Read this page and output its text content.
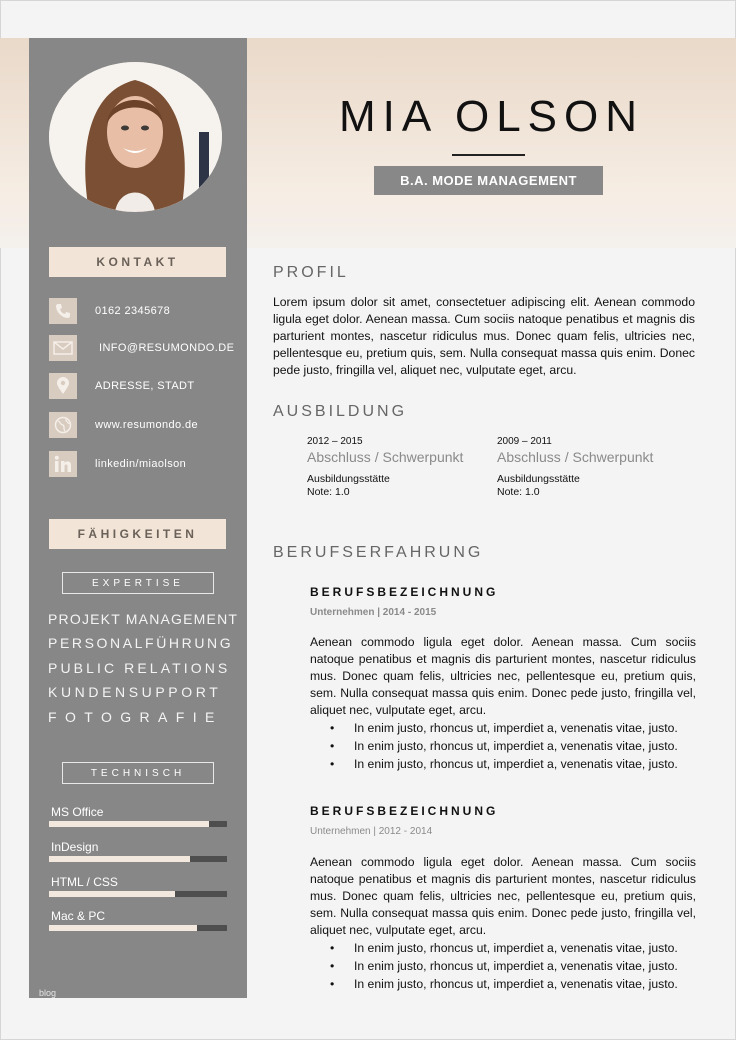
KONTAKT
0162 2345678
INFO@RESUMONDO.DE
ADRESSE, STADT
www.resumondo.de
linkedin/miaolson
FÄHIGKEITEN
EXPERTISE
PROJEKT MANAGEMENT
PERSONALFÜHRUNG
PUBLIC RELATIONS
KUNDENSUPPORT
FOTOGRAFIE
TECHNISCH
MS Office
InDesign
HTML / CSS
Mac & PC
blog
MIA OLSON
B.A. MODE MANAGEMENT
PROFIL
Lorem ipsum dolor sit amet, consectetuer adipiscing elit. Aenean commodo ligula eget dolor. Aenean massa. Cum sociis natoque penatibus et magnis dis parturient montes, nascetur ridiculus mus. Donec quam felis, ultricies nec, pellentesque eu, pretium quis, sem. Nulla consequat massa quis enim. Donec pede justo, fringilla vel, aliquet nec, vulputate eget, arcu.
AUSBILDUNG
2012 – 2015
Abschluss / Schwerpunkt
Ausbildungsstätte
Note: 1.0
2009 – 2011
Abschluss / Schwerpunkt
Ausbildungsstätte
Note: 1.0
BERUFSERFAHRUNG
BERUFSBEZEICHNUNG
Unternehmen | 2014 - 2015
Aenean commodo ligula eget dolor. Aenean massa. Cum sociis natoque penatibus et magnis dis parturient montes, nascetur ridiculus mus. Donec quam felis, ultricies nec, pellentesque eu, pretium quis, sem. Nulla consequat massa quis enim. Donec pede justo, fringilla vel, aliquet nec, vulputate eget, arcu.
• In enim justo, rhoncus ut, imperdiet a, venenatis vitae, justo.
• In enim justo, rhoncus ut, imperdiet a, venenatis vitae, justo.
• In enim justo, rhoncus ut, imperdiet a, venenatis vitae, justo.
BERUFSBEZEICHNUNG
Unternehmen | 2012 - 2014
Aenean commodo ligula eget dolor. Aenean massa. Cum sociis natoque penatibus et magnis dis parturient montes, nascetur ridiculus mus. Donec quam felis, ultricies nec, pellentesque eu, pretium quis, sem. Nulla consequat massa quis enim. Donec pede justo, fringilla vel, aliquet nec, vulputate eget, arcu.
• In enim justo, rhoncus ut, imperdiet a, venenatis vitae, justo.
• In enim justo, rhoncus ut, imperdiet a, venenatis vitae, justo.
• In enim justo, rhoncus ut, imperdiet a, venenatis vitae, justo.
